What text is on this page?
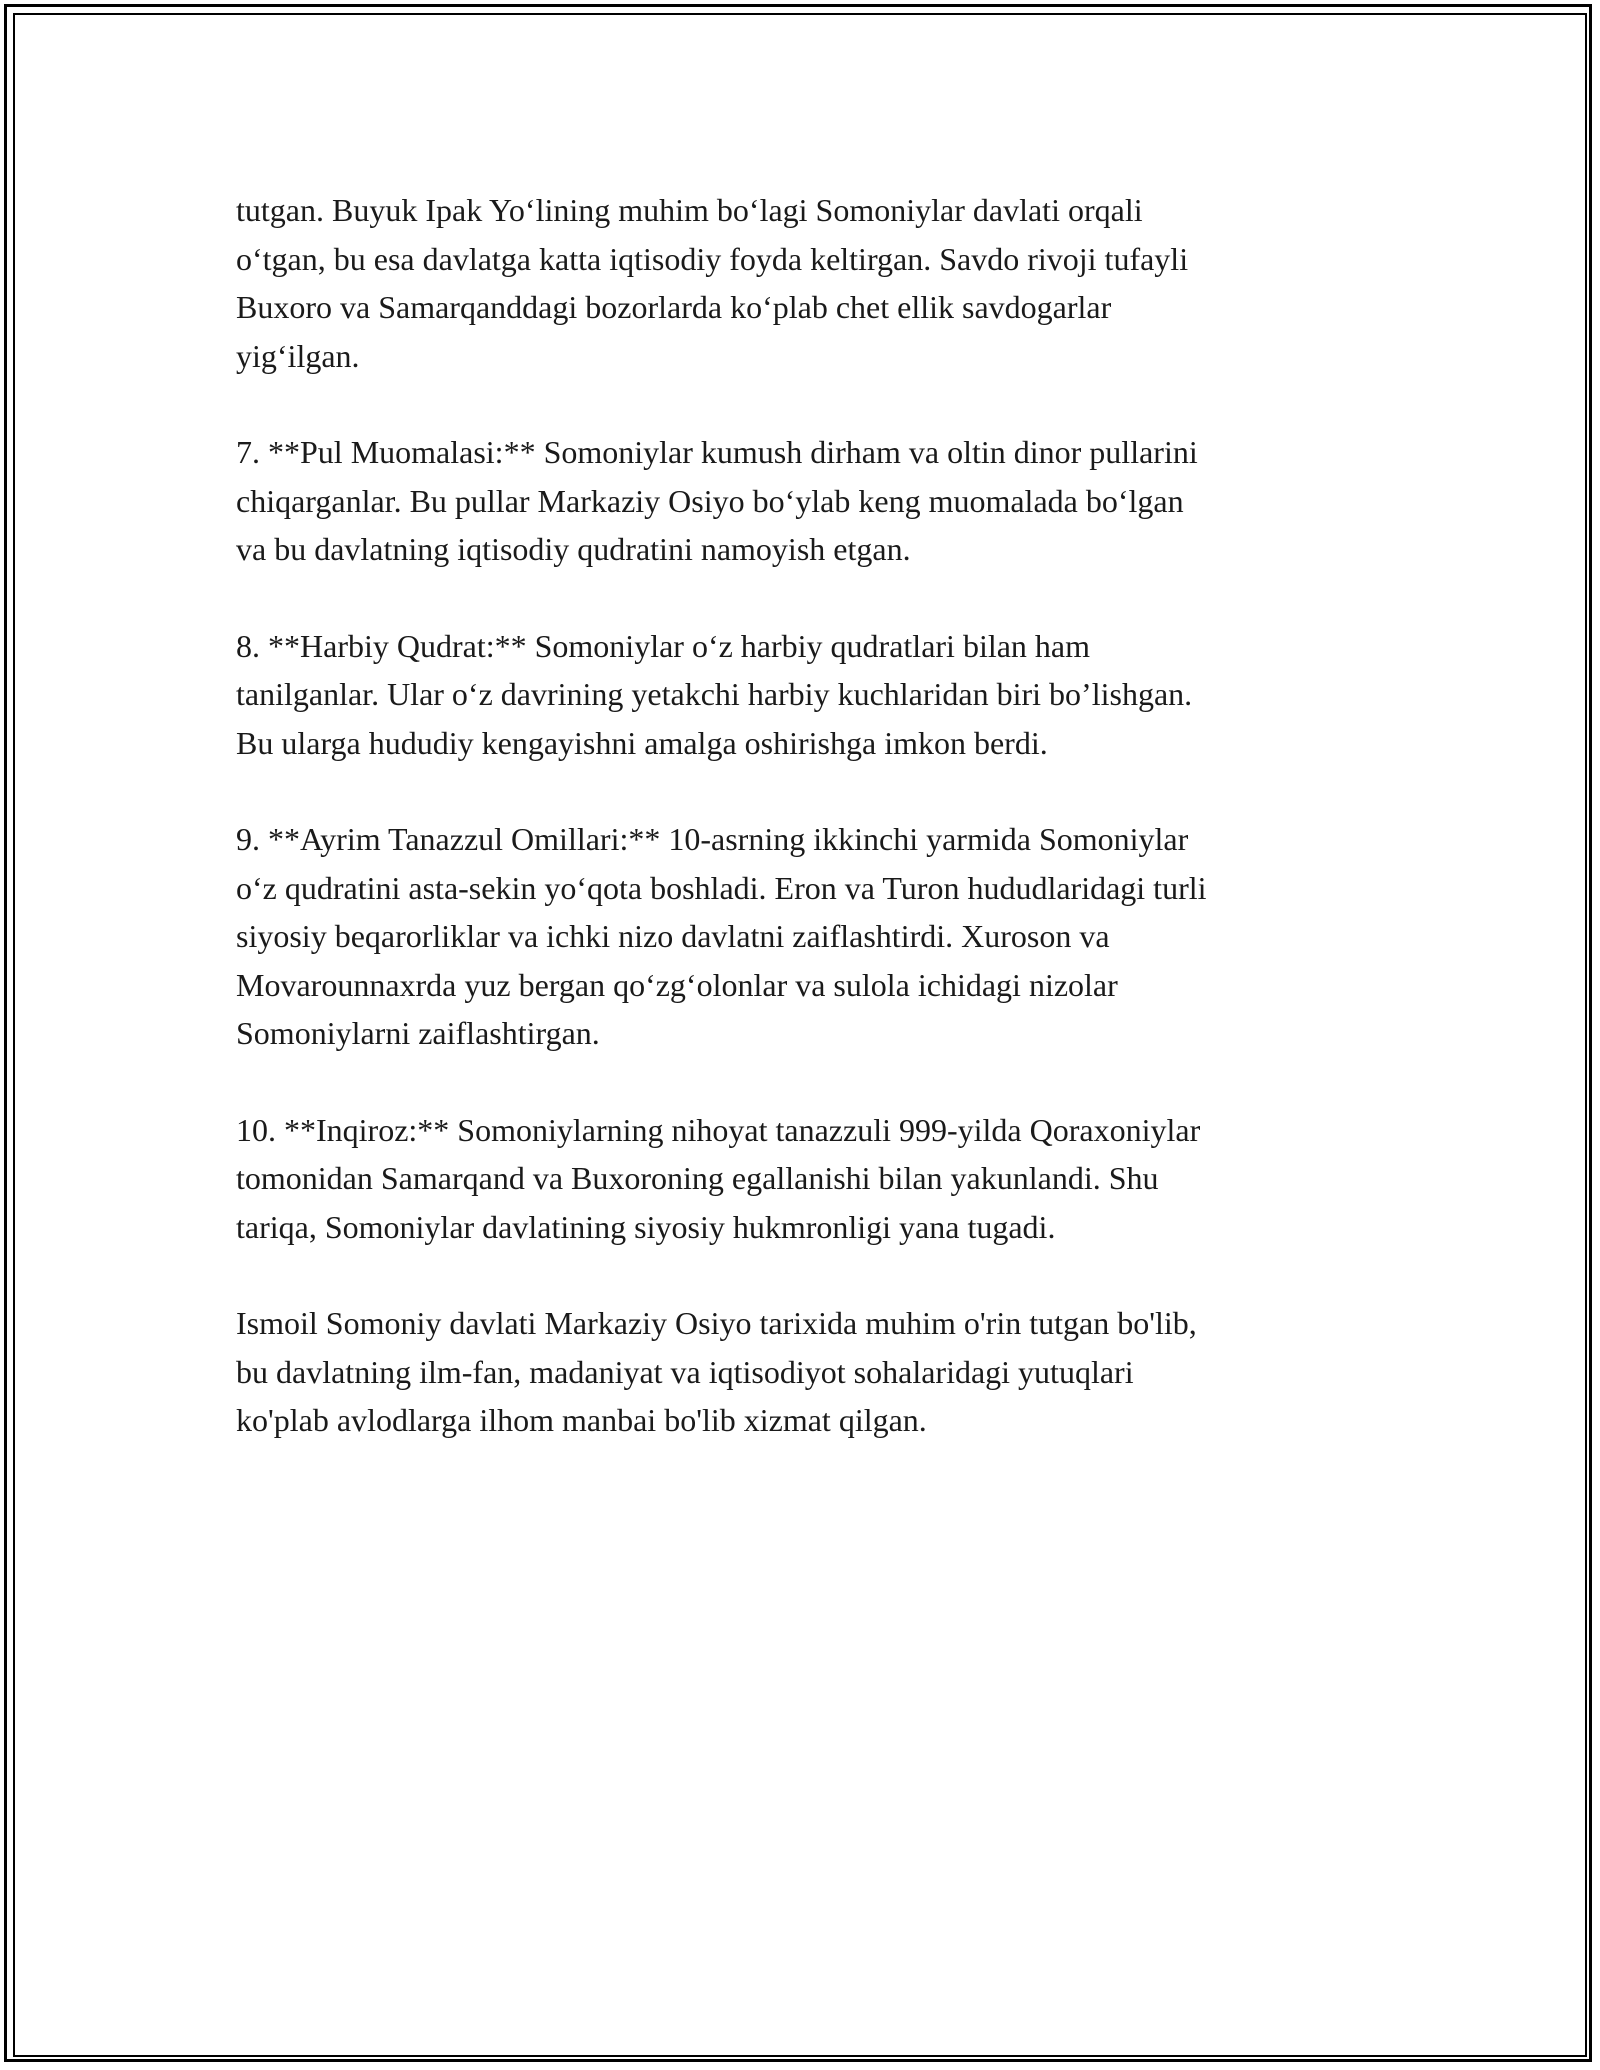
tutgan. Buyuk Ipak Yo‘lining muhim bo‘lagi Somoniylar davlati orqali
o‘tgan, bu esa davlatga katta iqtisodiy foyda keltirgan. Savdo rivoji tufayli
Buxoro va Samarqanddagi bozorlarda ko‘plab chet ellik savdogarlar
yig‘ilgan.

7. **Pul Muomalasi:** Somoniylar kumush dirham va oltin dinor pullarini
chiqarganlar. Bu pullar Markaziy Osiyo bo‘ylab keng muomalada bo‘lgan
va bu davlatning iqtisodiy qudratini namoyish etgan.

8. **Harbiy Qudrat:** Somoniylar o‘z harbiy qudratlari bilan ham
tanilganlar. Ular o‘z davrining yetakchi harbiy kuchlaridan biri bo’lishgan.
Bu ularga hududiy kengayishni amalga oshirishga imkon berdi.

9. **Ayrim Tanazzul Omillari:** 10-asrning ikkinchi yarmida Somoniylar
o‘z qudratini asta-sekin yo‘qota boshladi. Eron va Turon hududlaridagi turli
siyosiy beqarorliklar va ichki nizo davlatni zaiflashtirdi. Xuroson va
Movarounnaxrda yuz bergan qo‘zg‘olonlar va sulola ichidagi nizolar
Somoniylarni zaiflashtirgan.

10. **Inqiroz:** Somoniylarning nihoyat tanazzuli 999-yilda Qoraxoniylar
tomonidan Samarqand va Buxoroning egallanishi bilan yakunlandi. Shu
tariqa, Somoniylar davlatining siyosiy hukmronligi yana tugadi.

Ismoil Somoniy davlati Markaziy Osiyo tarixida muhim o'rin tutgan bo'lib,
bu davlatning ilm-fan, madaniyat va iqtisodiyot sohalaridagi yutuqlari
ko'plab avlodlarga ilhom manbai bo'lib xizmat qilgan.
